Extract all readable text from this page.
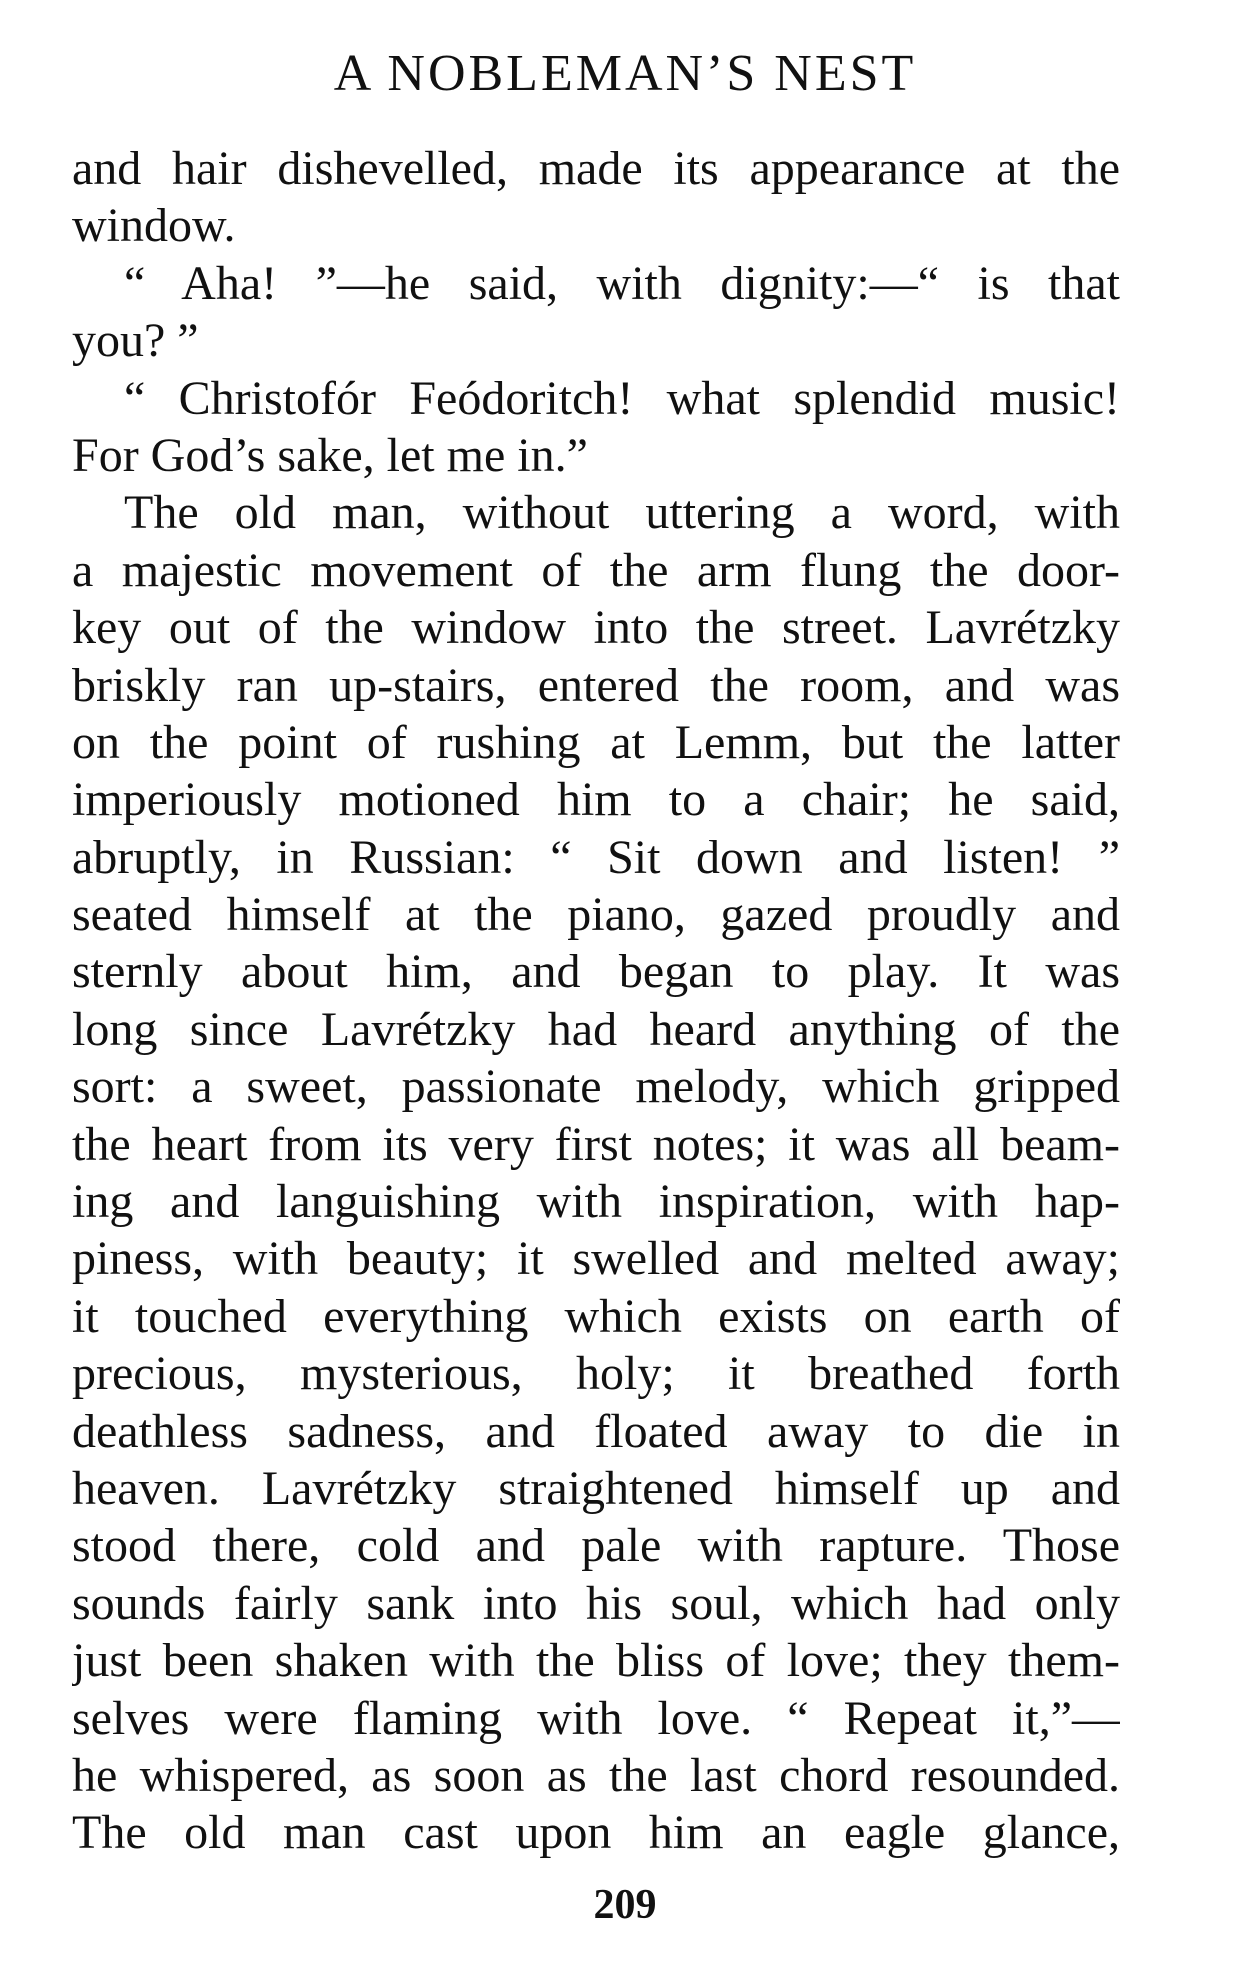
A NOBLEMAN’S NEST
and hair dishevelled, made its appearance at the
window.
“ Aha! ”—he said, with dignity:—“ is that
you? ”
“ Christofór Feódoritch! what splendid music!
For God’s sake, let me in.”
The old man, without uttering a word, with
a majestic movement of the arm flung the door-
key out of the window into the street. Lavrétzky
briskly ran up-stairs, entered the room, and was
on the point of rushing at Lemm, but the latter
imperiously motioned him to a chair; he said,
abruptly, in Russian: “ Sit down and listen! ”
seated himself at the piano, gazed proudly and
sternly about him, and began to play. It was
long since Lavrétzky had heard anything of the
sort: a sweet, passionate melody, which gripped
the heart from its very first notes; it was all beam-
ing and languishing with inspiration, with hap-
piness, with beauty; it swelled and melted away;
it touched everything which exists on earth of
precious, mysterious, holy; it breathed forth
deathless sadness, and floated away to die in
heaven. Lavrétzky straightened himself up and
stood there, cold and pale with rapture. Those
sounds fairly sank into his soul, which had only
just been shaken with the bliss of love; they them-
selves were flaming with love. “ Repeat it,”—
he whispered, as soon as the last chord resounded.
The old man cast upon him an eagle glance,
209
